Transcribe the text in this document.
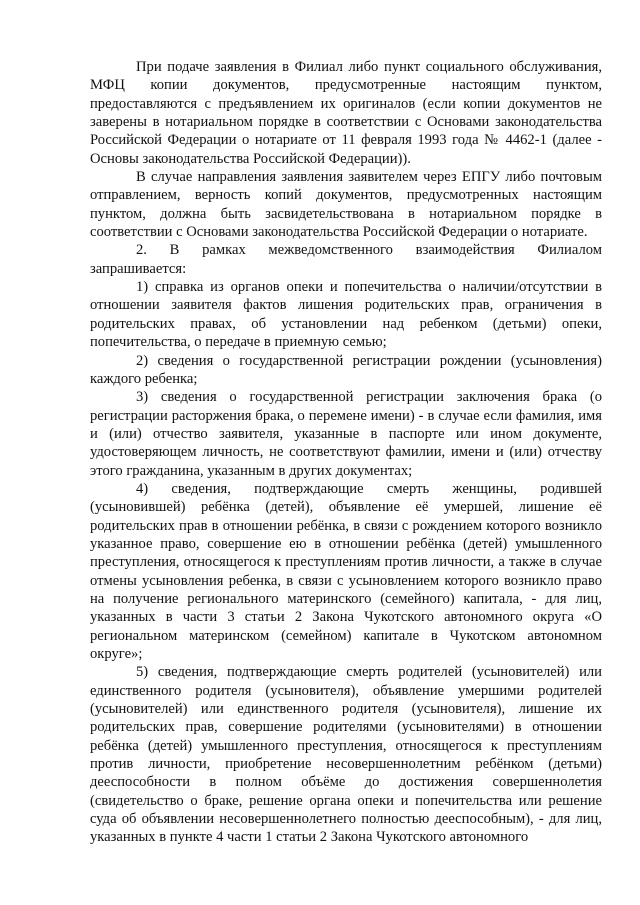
При подаче заявления в Филиал либо пункт социального обслуживания, МФЦ копии документов, предусмотренные настоящим пунктом, предоставляются с предъявлением их оригиналов (если копии документов не заверены в нотариальном порядке в соответствии с Основами законодательства Российской Федерации о нотариате от 11 февраля 1993 года № 4462-1 (далее - Основы законодательства Российской Федерации)).

В случае направления заявления заявителем через ЕПГУ либо почтовым отправлением, верность копий документов, предусмотренных настоящим пунктом, должна быть засвидетельствована в нотариальном порядке в соответствии с Основами законодательства Российской Федерации о нотариате.

2. В рамках межведомственного взаимодействия Филиалом запрашивается:

1) справка из органов опеки и попечительства о наличии/отсутствии в отношении заявителя фактов лишения родительских прав, ограничения в родительских правах, об установлении над ребенком (детьми) опеки, попечительства, о передаче в приемную семью;

2) сведения о государственной регистрации рождении (усыновления) каждого ребенка;

3) сведения о государственной регистрации заключения брака (о регистрации расторжения брака, о перемене имени) - в случае если фамилия, имя и (или) отчество заявителя, указанные в паспорте или ином документе, удостоверяющем личность, не соответствуют фамилии, имени и (или) отчеству этого гражданина, указанным в других документах;

4) сведения, подтверждающие смерть женщины, родившей (усыновившей) ребёнка (детей), объявление её умершей, лишение её родительских прав в отношении ребёнка, в связи с рождением которого возникло указанное право, совершение ею в отношении ребёнка (детей) умышленного преступления, относящегося к преступлениям против личности, а также в случае отмены усыновления ребенка, в связи с усыновлением которого возникло право на получение регионального материнского (семейного) капитала, - для лиц, указанных в части 3 статьи 2 Закона Чукотского автономного округа «О региональном материнском (семейном) капитале в Чукотском автономном округе»;

5) сведения, подтверждающие смерть родителей (усыновителей) или единственного родителя (усыновителя), объявление умершими родителей (усыновителей) или единственного родителя (усыновителя), лишение их родительских прав, совершение родителями (усыновителями) в отношении ребёнка (детей) умышленного преступления, относящегося к преступлениям против личности, приобретение несовершеннолетним ребёнком (детьми) дееспособности в полном объёме до достижения совершеннолетия (свидетельство о браке, решение органа опеки и попечительства или решение суда об объявлении несовершеннолетнего полностью дееспособным), - для лиц, указанных в пункте 4 части 1 статьи 2 Закона Чукотского автономного
